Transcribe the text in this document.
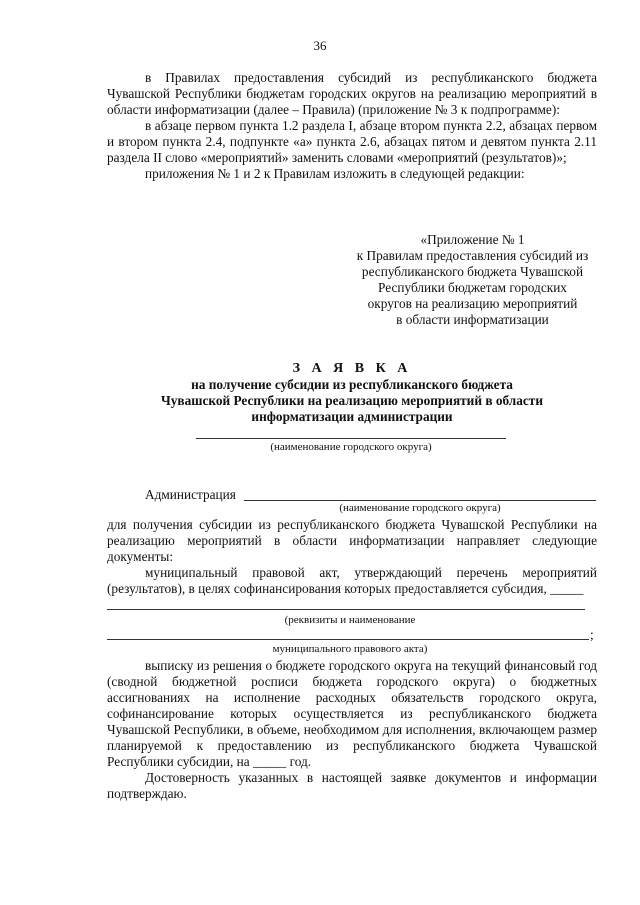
36

в Правилах предоставления субсидий из республиканского бюджета Чувашской Республики бюджетам городских округов на реализацию мероприятий в области информатизации (далее – Правила) (приложение № 3 к подпрограмме):

в абзаце первом пункта 1.2 раздела I, абзаце втором пункта 2.2, абзацах первом и втором пункта 2.4, подпункте «а» пункта 2.6, абзацах пятом и девятом пункта 2.11 раздела II слово «мероприятий» заменить словами «мероприятий (результатов)»;

приложения № 1 и 2 к Правилам изложить в следующей редакции:

«Приложение № 1
к Правилам предоставления субсидий из
республиканского бюджета Чувашской
Республики бюджетам городских
округов на реализацию мероприятий
в области информатизации
З А Я В К А
на получение субсидии из республиканского бюджета
Чувашской Республики на реализацию мероприятий в области
информатизации администрации
(наименование городского округа)
Администрация
(наименование городского округа)

для получения субсидии из республиканского бюджета Чувашской Республики на реализацию мероприятий в области информатизации направляет следующие документы:

муниципальный правовой акт, утверждающий перечень мероприятий (результатов), в целях софинансирования которых предоставляется субсидия, _____

(реквизиты и наименование
;
муниципального правового акта)

выписку из решения о бюджете городского округа на текущий финансовый год (сводной бюджетной росписи бюджета городского округа) о бюджетных ассигнованиях на исполнение расходных обязательств городского округа, софинансирование которых осуществляется из республиканского бюджета Чувашской Республики, в объеме, необходимом для исполнения, включающем размер планируемой к предоставлению из республиканского бюджета Чувашской Республики субсидии, на _____ год.

Достоверность указанных в настоящей заявке документов и информации подтверждаю.
